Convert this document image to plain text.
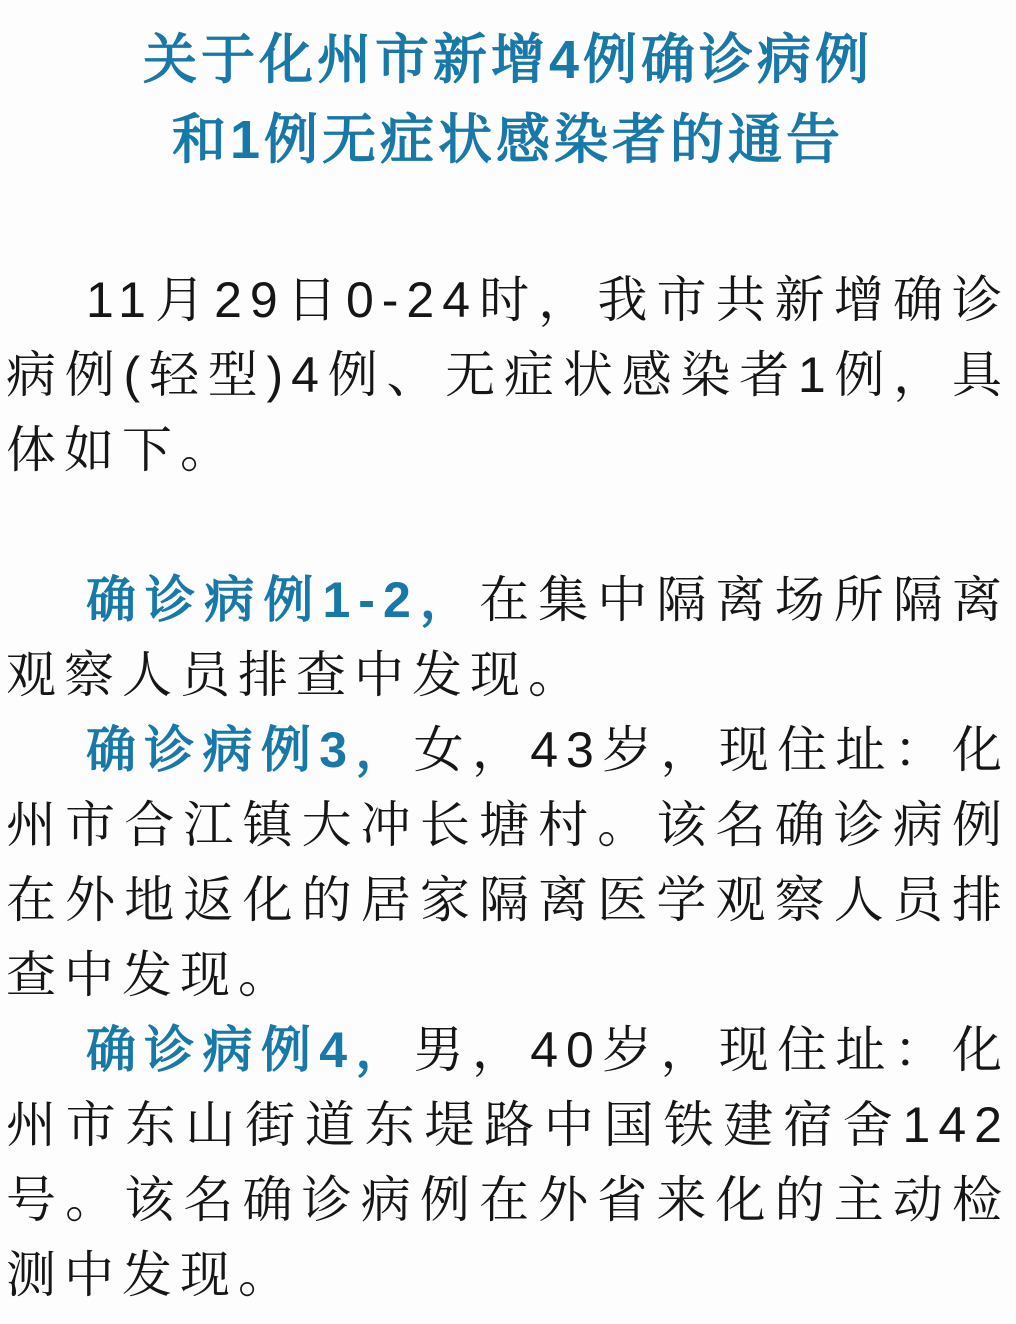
关于化州市新增4例确诊病例
和1例无症状感染者的通告

11月29日0-24时，我市共新增确诊病例(轻型)4例、无症状感染者1例，具体如下。

确诊病例1-2，在集中隔离场所隔离观察人员排查中发现。

确诊病例3，女，43岁，现住址：化州市合江镇大冲长塘村。该名确诊病例在外地返化的居家隔离医学观察人员排查中发现。

确诊病例4，男，40岁，现住址：化州市东山街道东堤路中国铁建宿舍142号。该名确诊病例在外省来化的主动检测中发现。
